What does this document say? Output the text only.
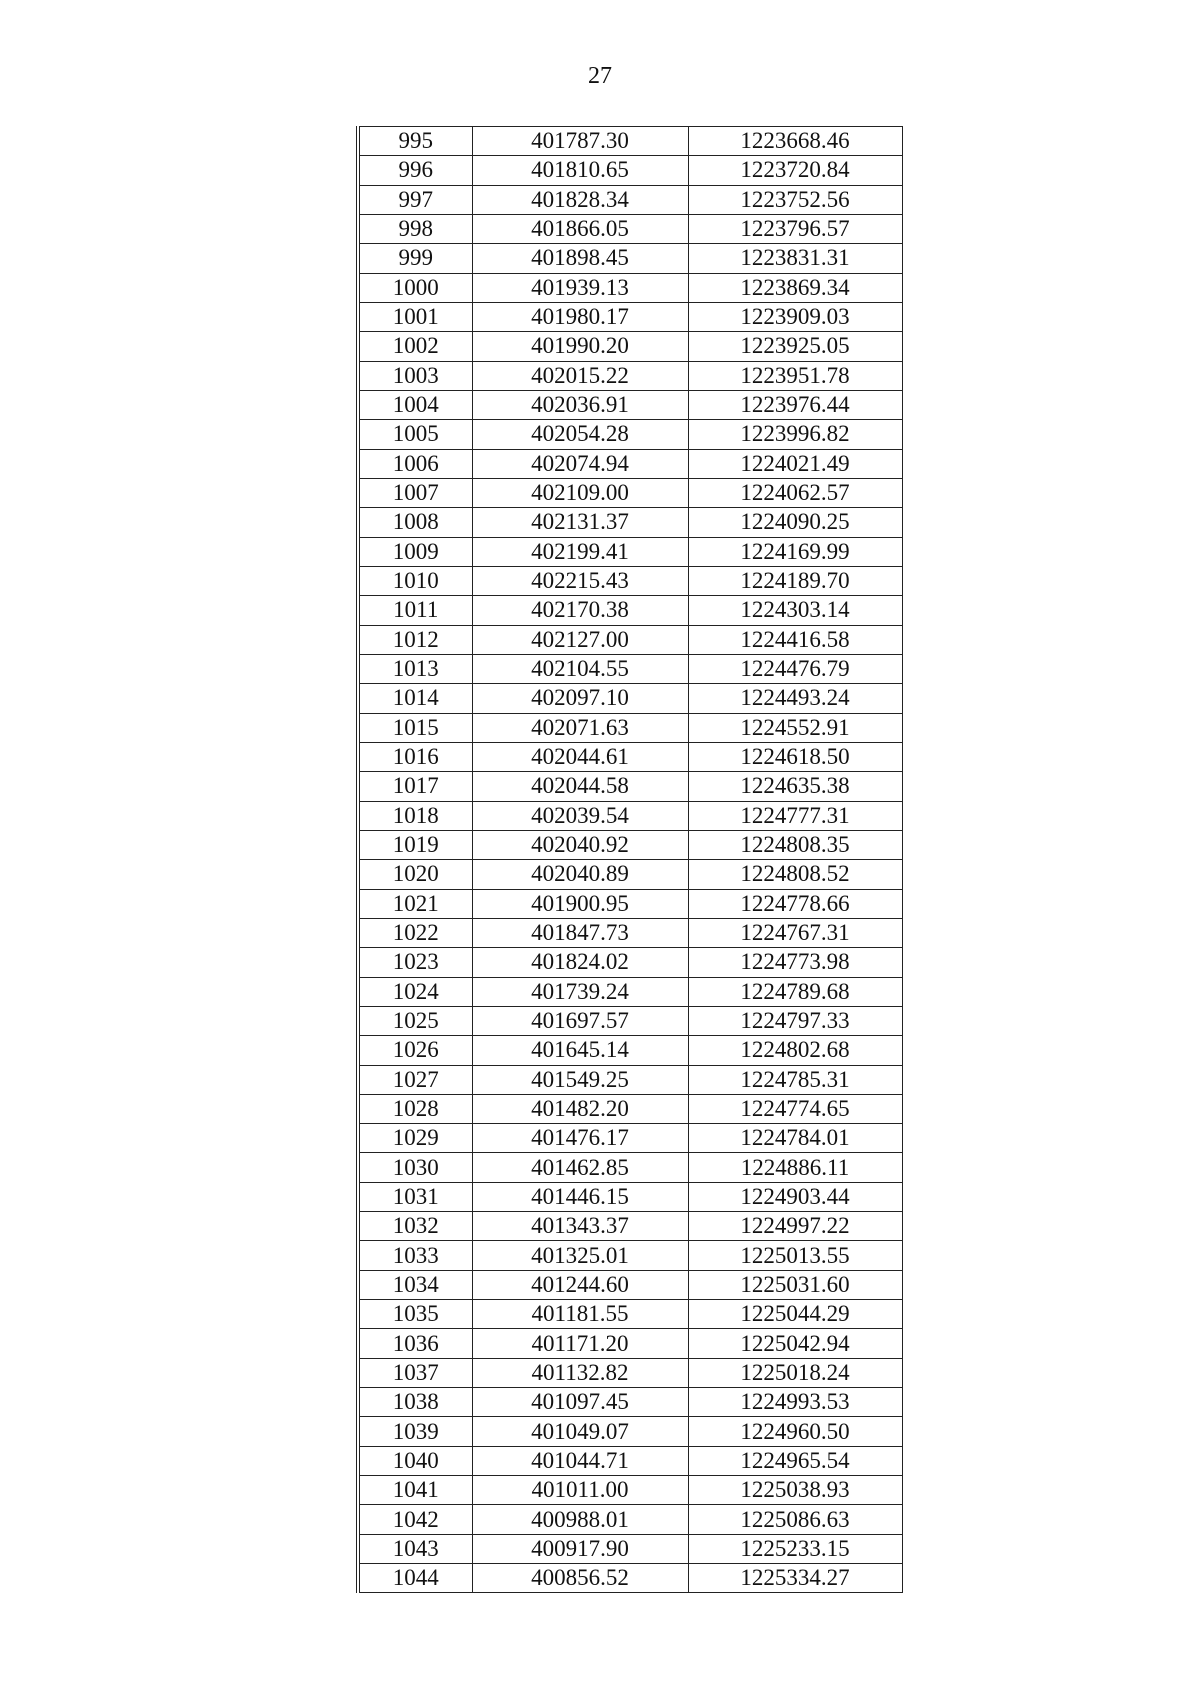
27
995	401787.30	1223668.46
996	401810.65	1223720.84
997	401828.34	1223752.56
998	401866.05	1223796.57
999	401898.45	1223831.31
1000	401939.13	1223869.34
1001	401980.17	1223909.03
1002	401990.20	1223925.05
1003	402015.22	1223951.78
1004	402036.91	1223976.44
1005	402054.28	1223996.82
1006	402074.94	1224021.49
1007	402109.00	1224062.57
1008	402131.37	1224090.25
1009	402199.41	1224169.99
1010	402215.43	1224189.70
1011	402170.38	1224303.14
1012	402127.00	1224416.58
1013	402104.55	1224476.79
1014	402097.10	1224493.24
1015	402071.63	1224552.91
1016	402044.61	1224618.50
1017	402044.58	1224635.38
1018	402039.54	1224777.31
1019	402040.92	1224808.35
1020	402040.89	1224808.52
1021	401900.95	1224778.66
1022	401847.73	1224767.31
1023	401824.02	1224773.98
1024	401739.24	1224789.68
1025	401697.57	1224797.33
1026	401645.14	1224802.68
1027	401549.25	1224785.31
1028	401482.20	1224774.65
1029	401476.17	1224784.01
1030	401462.85	1224886.11
1031	401446.15	1224903.44
1032	401343.37	1224997.22
1033	401325.01	1225013.55
1034	401244.60	1225031.60
1035	401181.55	1225044.29
1036	401171.20	1225042.94
1037	401132.82	1225018.24
1038	401097.45	1224993.53
1039	401049.07	1224960.50
1040	401044.71	1224965.54
1041	401011.00	1225038.93
1042	400988.01	1225086.63
1043	400917.90	1225233.15
1044	400856.52	1225334.27
